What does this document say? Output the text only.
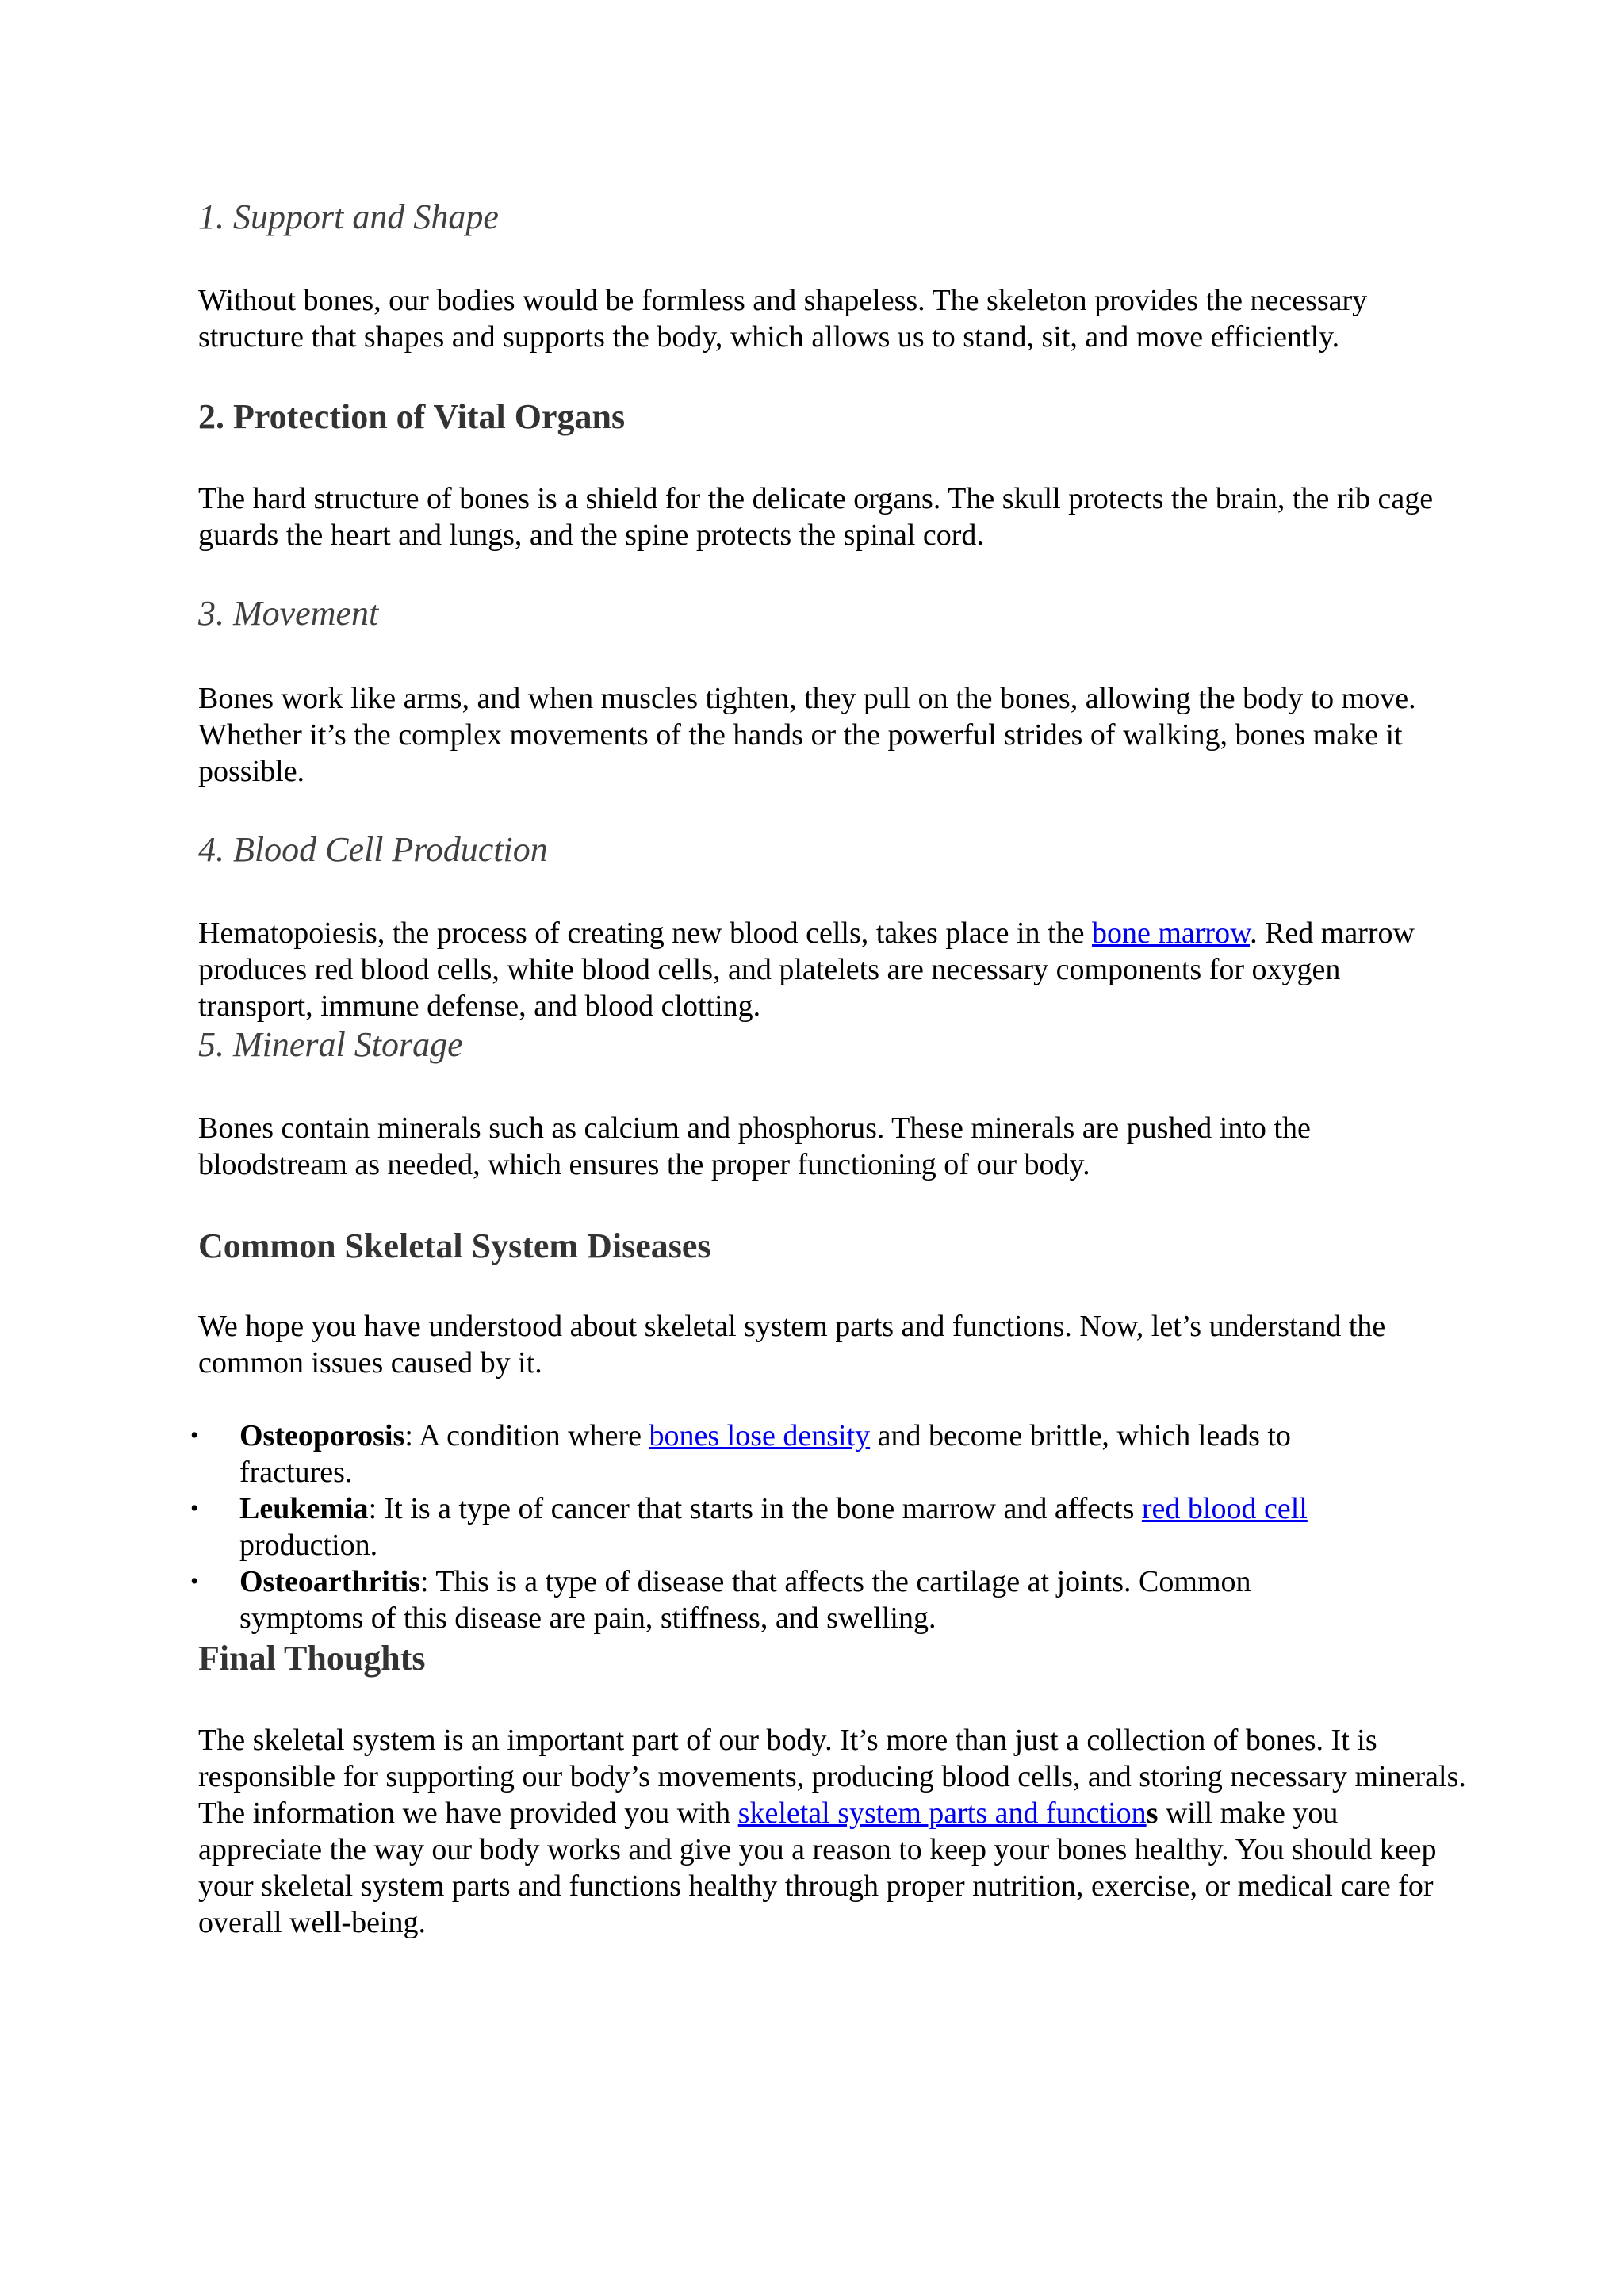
1. Support and Shape

Without bones, our bodies would be formless and shapeless. The skeleton provides the necessary structure that shapes and supports the body, which allows us to stand, sit, and move efficiently.

2. Protection of Vital Organs

The hard structure of bones is a shield for the delicate organs. The skull protects the brain, the rib cage guards the heart and lungs, and the spine protects the spinal cord.

3. Movement

Bones work like arms, and when muscles tighten, they pull on the bones, allowing the body to move. Whether it’s the complex movements of the hands or the powerful strides of walking, bones make it possible.

4. Blood Cell Production

Hematopoiesis, the process of creating new blood cells, takes place in the bone marrow. Red marrow produces red blood cells, white blood cells, and platelets are necessary components for oxygen transport, immune defense, and blood clotting.

5. Mineral Storage

Bones contain minerals such as calcium and phosphorus. These minerals are pushed into the bloodstream as needed, which ensures the proper functioning of our body.

Common Skeletal System Diseases

We hope you have understood about skeletal system parts and functions. Now, let’s understand the common issues caused by it.

• Osteoporosis: A condition where bones lose density and become brittle, which leads to fractures.
• Leukemia: It is a type of cancer that starts in the bone marrow and affects red blood cell production.
• Osteoarthritis: This is a type of disease that affects the cartilage at joints. Common symptoms of this disease are pain, stiffness, and swelling.
Final Thoughts

The skeletal system is an important part of our body. It’s more than just a collection of bones. It is responsible for supporting our body’s movements, producing blood cells, and storing necessary minerals. The information we have provided you with skeletal system parts and functions will make you appreciate the way our body works and give you a reason to keep your bones healthy. You should keep your skeletal system parts and functions healthy through proper nutrition, exercise, or medical care for overall well-being.
